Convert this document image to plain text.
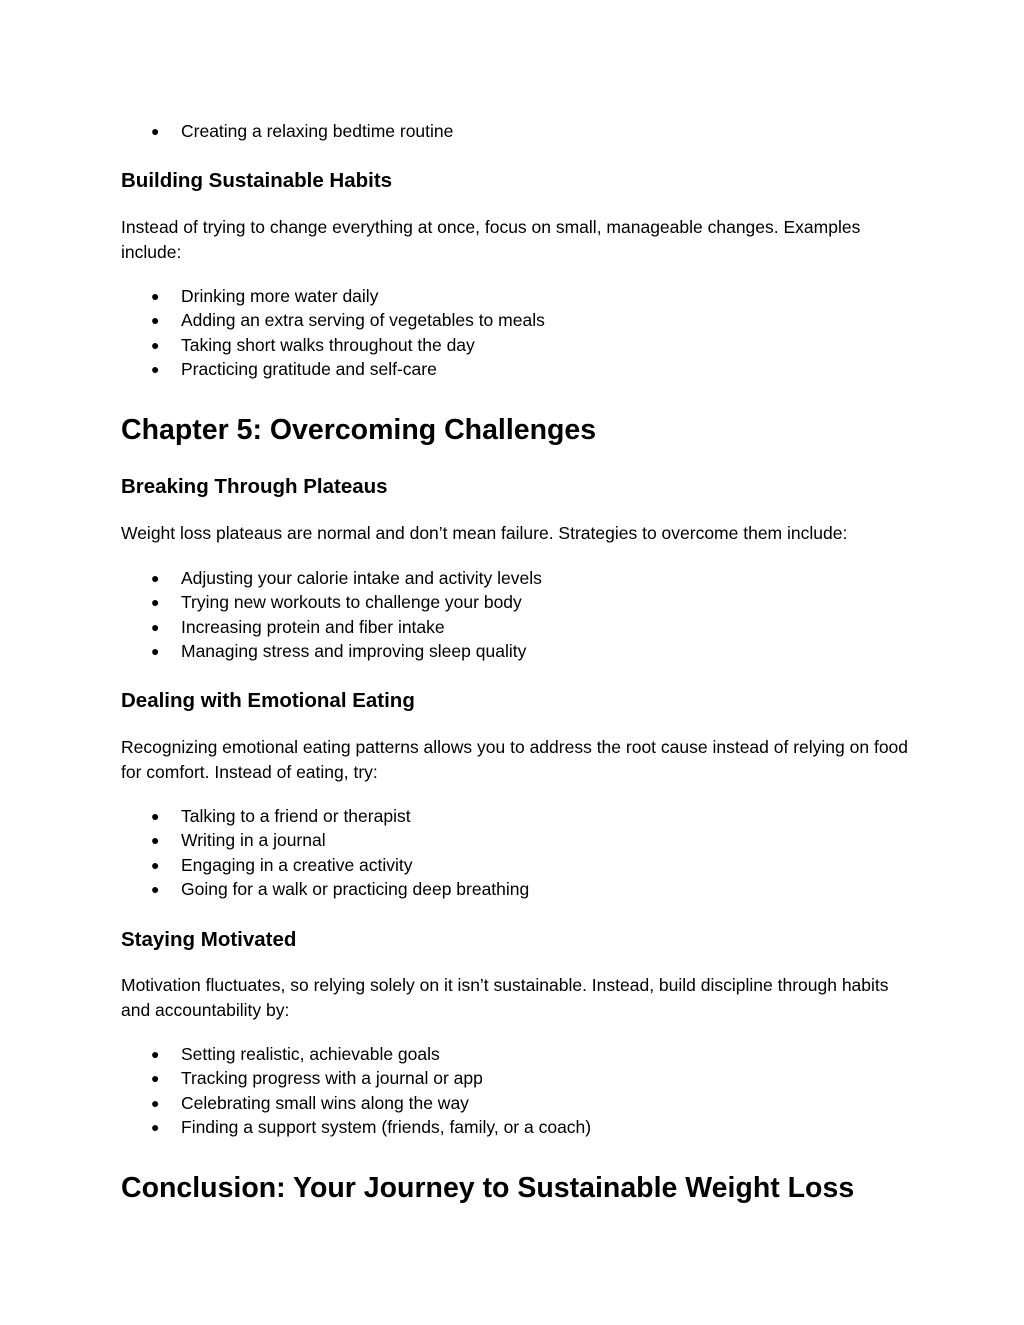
● Creating a relaxing bedtime routine
Building Sustainable Habits

Instead of trying to change everything at once, focus on small, manageable changes. Examples include:

● Drinking more water daily
● Adding an extra serving of vegetables to meals
● Taking short walks throughout the day
● Practicing gratitude and self-care
Chapter 5: Overcoming Challenges
Breaking Through Plateaus

Weight loss plateaus are normal and don’t mean failure. Strategies to overcome them include:

● Adjusting your calorie intake and activity levels
● Trying new workouts to challenge your body
● Increasing protein and fiber intake
● Managing stress and improving sleep quality
Dealing with Emotional Eating

Recognizing emotional eating patterns allows you to address the root cause instead of relying on food for comfort. Instead of eating, try:

● Talking to a friend or therapist
● Writing in a journal
● Engaging in a creative activity
● Going for a walk or practicing deep breathing
Staying Motivated

Motivation fluctuates, so relying solely on it isn’t sustainable. Instead, build discipline through habits and accountability by:

● Setting realistic, achievable goals
● Tracking progress with a journal or app
● Celebrating small wins along the way
● Finding a support system (friends, family, or a coach)
Conclusion: Your Journey to Sustainable Weight Loss
